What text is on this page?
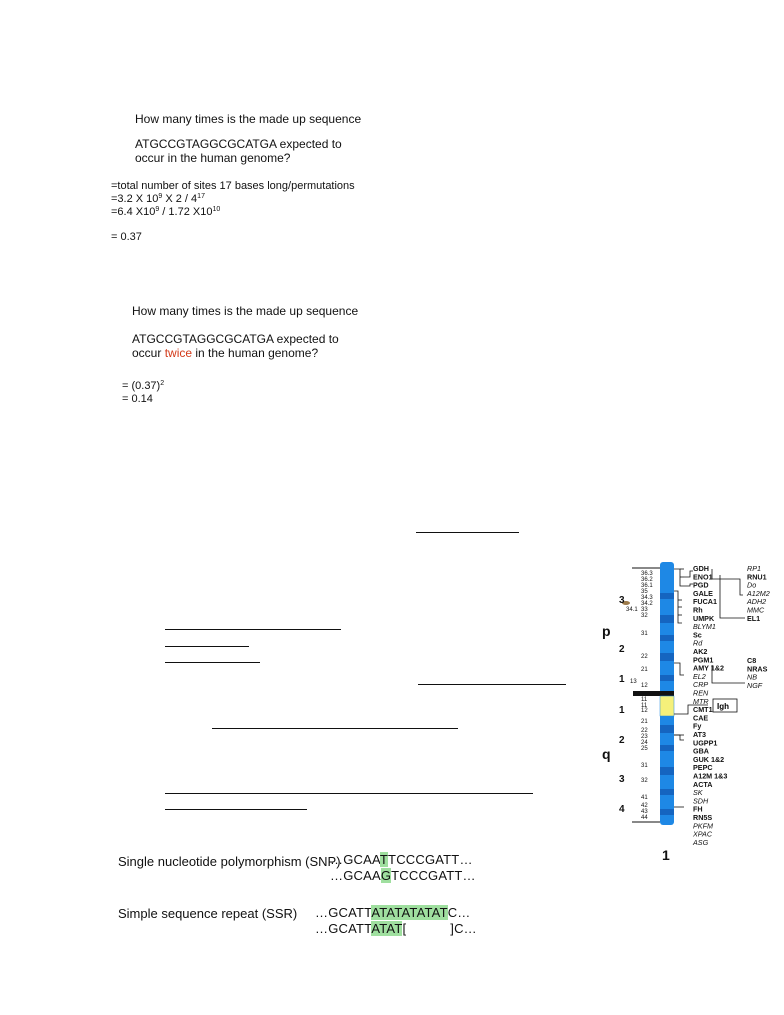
How many times is the made up sequence
ATGCCGTAGGCGCATGA expected to
occur in the human genome?
=total number of sites 17 bases long/permutations
=3.2 X $10^9$ X $2 / 4^{17}$
=6.4 $X10^9 / 1.72$ $X10^{10}$
= 0.37
How many times is the made up sequence
ATGCCGTAGGCGCATGA expected to
occur twice in the human genome?
= $(0.37)^2$
= 0.14
Single nucleotide polymorphism (SNP)
…GCAATTCCCGATT…
…GCAAGTCCCGATT…
Simple sequence repeat (SSR) …GCATTATATATATATC…
…GCATTATAT[	]C…
36.3
36.2
36.1
35
34.3
34.2
34.1 33
32
31
22
21
13
12
11
11
12
21
22
23
24
25
31
32
41
42
43
44
3
2
1
1
2
3
4
p
q
1
Igh
GDH
ENO1
PGD
GALE
FUCA1
Rh
UMPK
BLYM1
Sc
Rd
AK2
PGM1
AMY 1&2
EL2
CRP
REN
MTR
CMT1
CAE
Fy
AT3
UGPP1
GBA
GUK 1&2
PEPC
A12M 1&3
ACTA
SK
SDH
FH
RN5S
PKFM
XPAC
ASG
RP1
RNU1
Do
A12M2
ADH2
MMC
EL1
C8
NRAS
NB
NGF
